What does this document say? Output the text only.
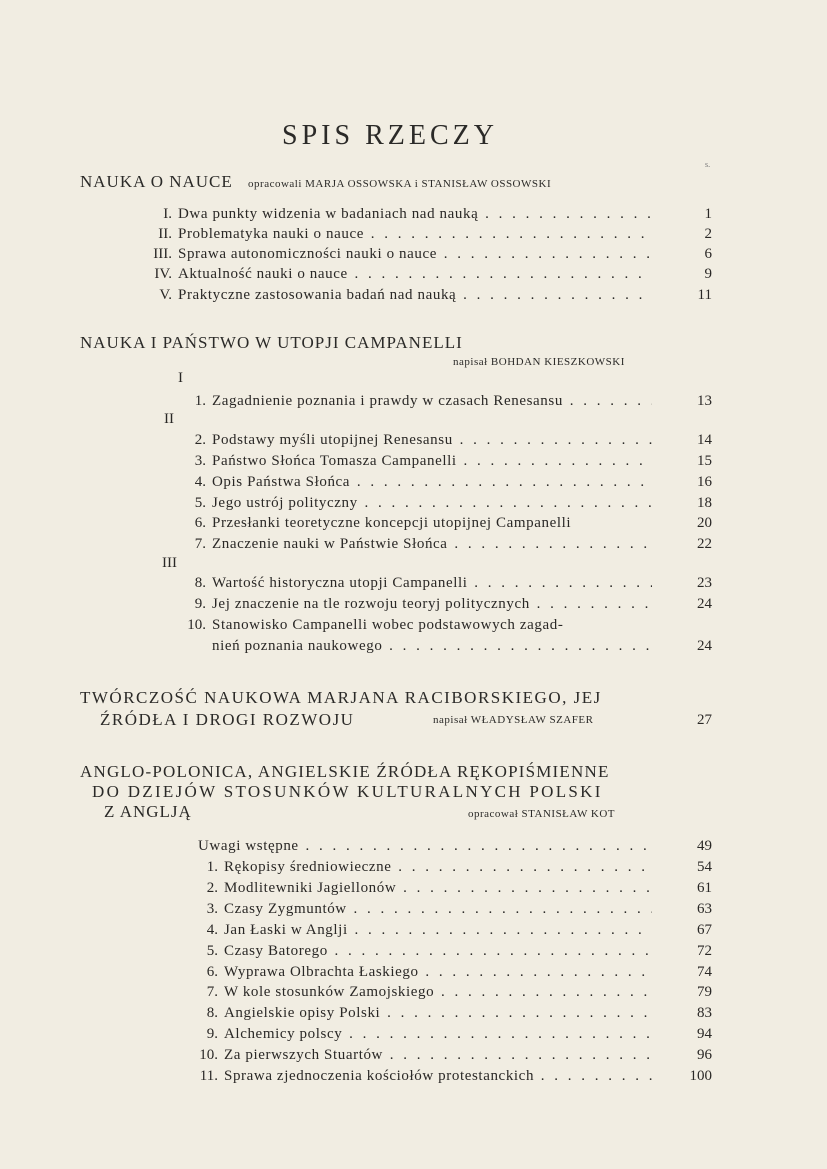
SPIS RZECZY
s.
NAUKA O NAUCE opracowali MARJA OSSOWSKA i STANISŁAW OSSOWSKI
I. Dwa punkty widzenia w badaniach nad nauką . . .	1
II. Problematyka nauki o nauce . . .	2
III. Sprawa autonomiczności nauki o nauce . . .	6
IV. Aktualność nauki o nauce . . .	9
V. Praktyczne zastosowania badań nad nauką . . .	11
NAUKA I PAŃSTWO W UTOPJI CAMPANELLI
napisał BOHDAN KIESZKOWSKI
I
1. Zagadnienie poznania i prawdy w czasach Renesansu . . .	13
II
2. Podstawy myśli utopijnej Renesansu . . .	14
3. Państwo Słońca Tomasza Campanelli . . .	15
4. Opis Państwa Słońca . . .	16
5. Jego ustrój polityczny . . .	18
6. Przesłanki teoretyczne koncepcji utopijnej Campanelli	20
7. Znaczenie nauki w Państwie Słońca . . .	22
III
8. Wartość historyczna utopji Campanelli . . .	23
9. Jej znaczenie na tle rozwoju teoryj politycznych . . .	24
10. Stanowisko Campanelli wobec podstawowych zagad-
nień poznania naukowego . . .	24
TWÓRCZOŚĆ NAUKOWA MARJANA RACIBORSKIEGO, JEJ
ŹRÓDŁA I DROGI ROZWOJU	napisał WŁADYSŁAW SZAFER	27
ANGLO-POLONICA, ANGIELSKIE ŹRÓDŁA RĘKOPIŚMIENNE
DO DZIEJÓW STOSUNKÓW KULTURALNYCH POLSKI
Z ANGLJĄ	opracował STANISŁAW KOT
Uwagi wstępne . . .	49
1. Rękopisy średniowieczne . . .	54
2. Modlitewniki Jagiellonów . . .	61
3. Czasy Zygmuntów . . .	63
4. Jan Łaski w Anglji . . .	67
5. Czasy Batorego . . .	72
6. Wyprawa Olbrachta Łaskiego . . .	74
7. W kole stosunków Zamojskiego . . .	79
8. Angielskie opisy Polski . . .	83
9. Alchemicy polscy . . .	94
10. Za pierwszych Stuartów . . .	96
11. Sprawa zjednoczenia kościołów protestanckich . . .	100
